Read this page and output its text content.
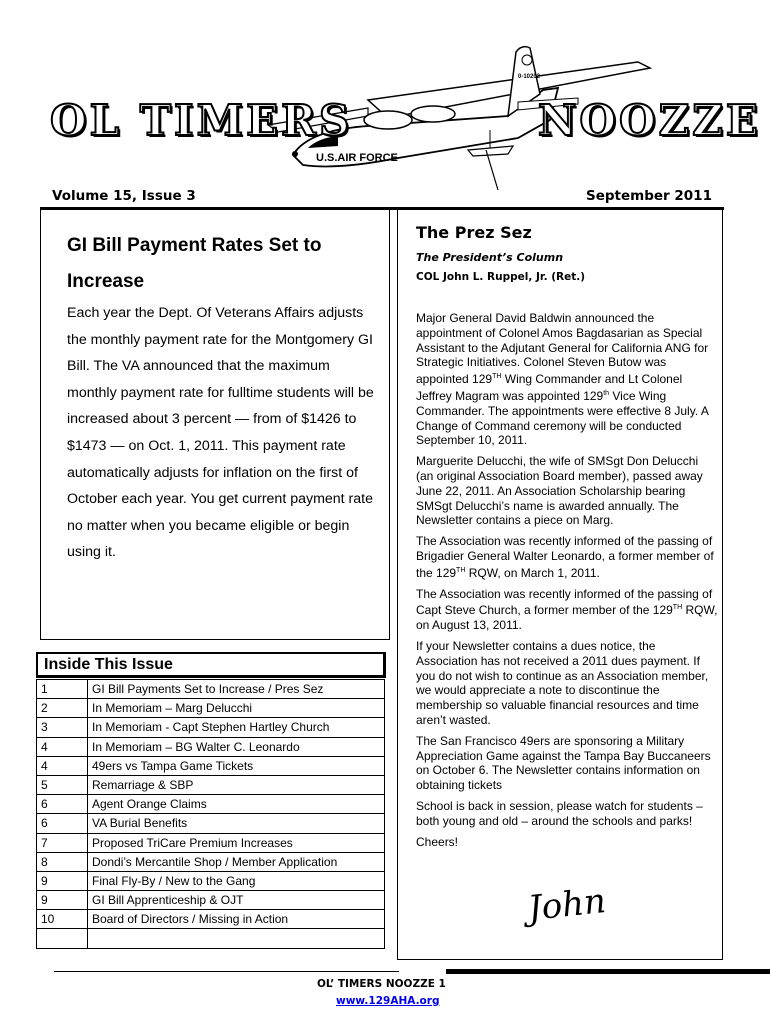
OL TIMERS	NOOZZE
U.S.AIR FORCE
0-10202
Volume 15, Issue 3	September 2011
GI Bill Payment Rates Set to Increase

Each year the Dept. Of Veterans Affairs adjusts the monthly payment rate for the Montgomery GI Bill. The VA announced that the maximum monthly payment rate for fulltime students will be increased about 3 percent — from of $1426 to $1473 — on Oct. 1, 2011. This payment rate automatically adjusts for inflation on the first of October each year. You get current payment rate no matter when you became eligible or begin using it.

Inside This Issue
1	GI Bill Payments Set to Increase / Pres Sez
2	In Memoriam – Marg Delucchi
3	In Memoriam - Capt Stephen Hartley Church
4	In Memoriam – BG Walter C. Leonardo
4	49ers vs Tampa Game Tickets
5	Remarriage & SBP
6	Agent Orange Claims
6	VA Burial Benefits
7	Proposed TriCare Premium Increases
8	Dondi’s Mercantile Shop / Member Application
9	Final Fly-By / New to the Gang
9	GI Bill Apprenticeship & OJT
10	Board of Directors / Missing in Action

The Prez Sez
The President’s Column
COL John L. Ruppel, Jr. (Ret.)

Major General David Baldwin announced the appointment of Colonel Amos Bagdasarian as Special Assistant to the Adjutant General for California ANG for Strategic Initiatives. Colonel Steven Butow was appointed 129TH Wing Commander and Lt Colonel Jeffrey Magram was appointed 129th Vice Wing Commander. The appointments were effective 8 July. A Change of Command ceremony will be conducted September 10, 2011.

Marguerite Delucchi, the wife of SMSgt Don Delucchi (an original Association Board member), passed away June 22, 2011. An Association Scholarship bearing SMSgt Delucchi’s name is awarded annually. The Newsletter contains a piece on Marg.

The Association was recently informed of the passing of Brigadier General Walter Leonardo, a former member of the 129TH RQW, on March 1, 2011.

The Association was recently informed of the passing of Capt Steve Church, a former member of the 129TH RQW, on August 13, 2011.

If your Newsletter contains a dues notice, the Association has not received a 2011 dues payment. If you do not wish to continue as an Association member, we would appreciate a note to discontinue the membership so valuable financial resources and time aren’t wasted.

The San Francisco 49ers are sponsoring a Military Appreciation Game against the Tampa Bay Buccaneers on October 6. The Newsletter contains information on obtaining tickets

School is back in session, please watch for students – both young and old – around the schools and parks!

Cheers!

John
OL’ TIMERS NOOZZE 1
www.129AHA.org
